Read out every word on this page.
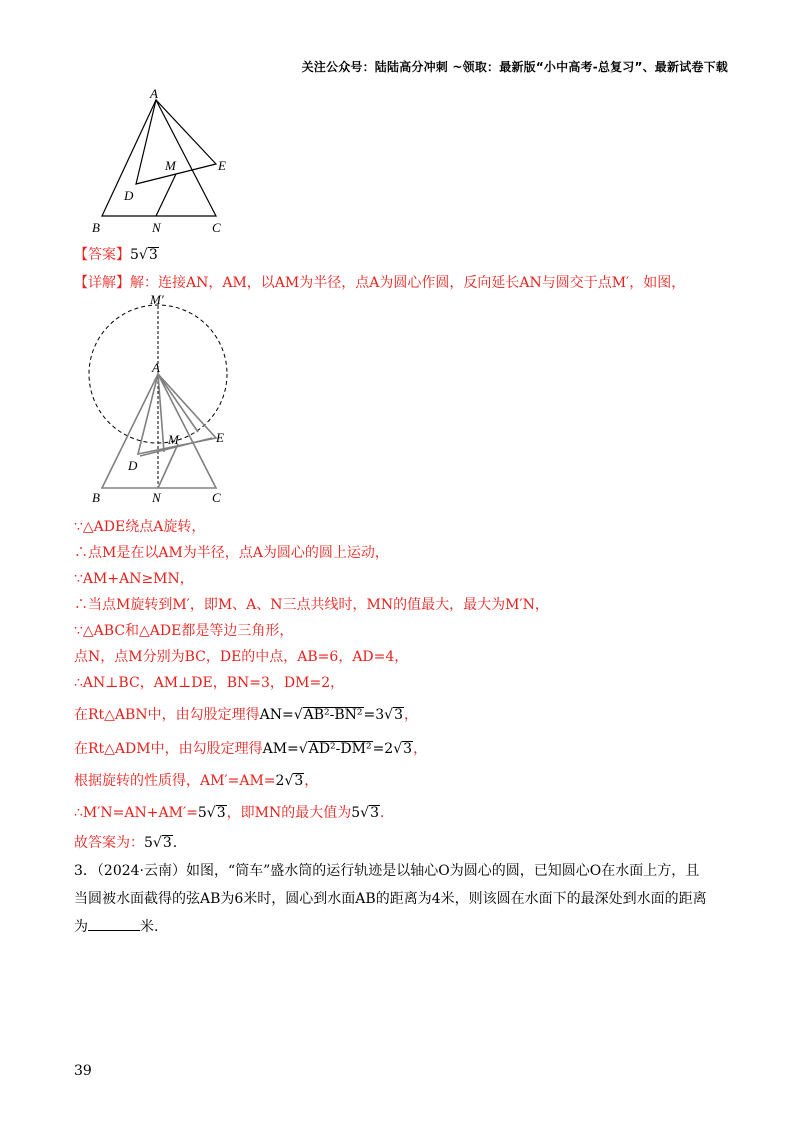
关注公众号：陆陆高分冲刺 ~领取：最新版“小中高考-总复习”、最新试卷下载
A
E
M
D
B	N	C
【答案】5√3
【详解】解：连接AN，AM，以AM为半径，点A为圆心作圆，反向延长AN与圆交于点M′，如图，
M′
A
M	E
D
B	N	C
∵△ADE绕点A旋转，
∴点M是在以AM为半径，点A为圆心的圆上运动，
∵AM+AN≥MN，
∴当点M旋转到M′，即M、A、N三点共线时，MN的值最大，最大为M′N，
∵△ABC和△ADE都是等边三角形，
点N，点M分别为BC，DE的中点，AB=6，AD=4，
∴AN⊥BC，AM⊥DE，BN=3，DM=2，
在Rt△ABN中，由勾股定理得AN=√AB²-BN²=3√3，
在Rt△ADM中，由勾股定理得AM=√AD²-DM²=2√3，
根据旋转的性质得，AM′=AM=2√3，
∴M′N=AN+AM′=5√3，即MN的最大值为5√3.
故答案为：5√3.
3．（2024·云南）如图，“筒车”盛水筒的运行轨迹是以轴心O为圆心的圆，已知圆心O在水面上方，且
当圆被水面截得的弦AB为6米时，圆心到水面AB的距离为4米，则该圆在水面下的最深处到水面的距离
为	米.
39
